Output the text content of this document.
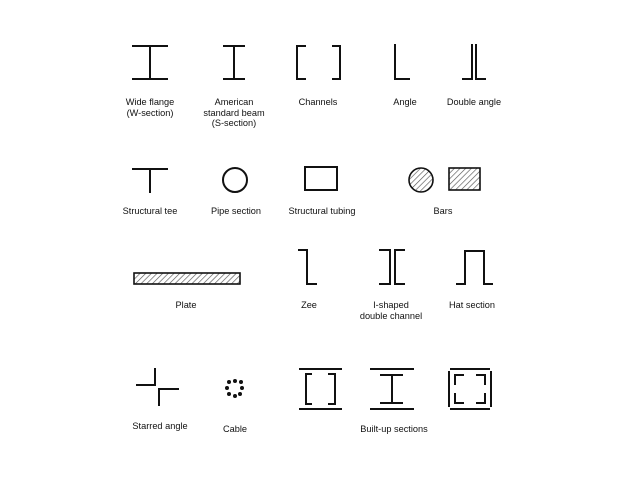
Wide flange
(W-section)
American
standard beam
(S-section)
Channels	Angle	Double angle
Structural tee	Pipe section	Structural tubing	Bars
Plate	Zee	I-shaped
double channel
Hat section
Starred angle	Cable	Built-up sections
